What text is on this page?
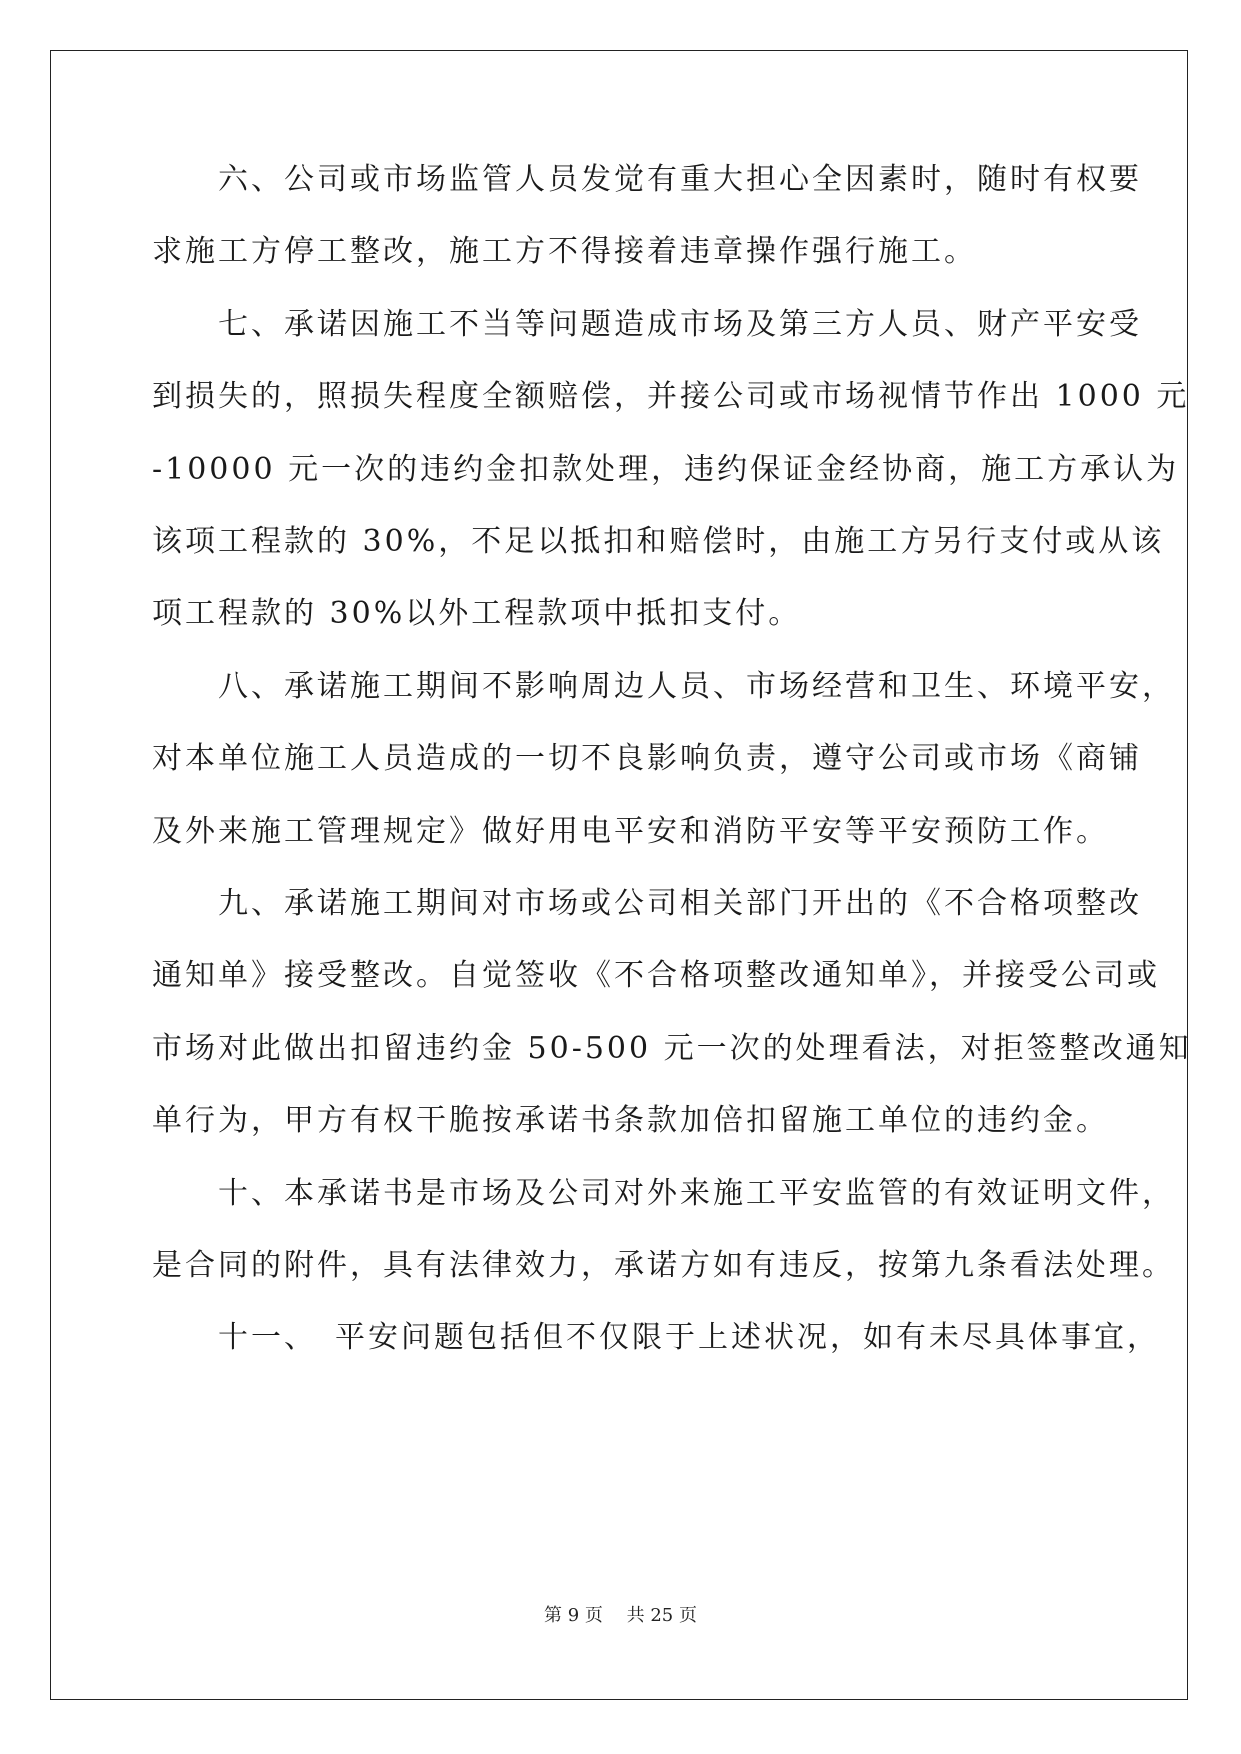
　　六、公司或市场监管人员发觉有重大担心全因素时，随时有权要
求施工方停工整改，施工方不得接着违章操作强行施工。
　　七、承诺因施工不当等问题造成市场及第三方人员、财产平安受
到损失的，照损失程度全额赔偿，并接公司或市场视情节作出 1000 元
-10000 元一次的违约金扣款处理，违约保证金经协商，施工方承认为
该项工程款的 30%，不足以抵扣和赔偿时，由施工方另行支付或从该
项工程款的 30%以外工程款项中抵扣支付。
　　八、承诺施工期间不影响周边人员、市场经营和卫生、环境平安，
对本单位施工人员造成的一切不良影响负责，遵守公司或市场《商铺
及外来施工管理规定》做好用电平安和消防平安等平安预防工作。
　　九、承诺施工期间对市场或公司相关部门开出的《不合格项整改
通知单》接受整改。自觉签收《不合格项整改通知单》，并接受公司或
市场对此做出扣留违约金 50-500 元一次的处理看法，对拒签整改通知
单行为，甲方有权干脆按承诺书条款加倍扣留施工单位的违约金。
　　十、本承诺书是市场及公司对外来施工平安监管的有效证明文件，
是合同的附件，具有法律效力，承诺方如有违反，按第九条看法处理。
　　十一、　平安问题包括但不仅限于上述状况，如有未尽具体事宜，
第 9 页　 共 25 页
